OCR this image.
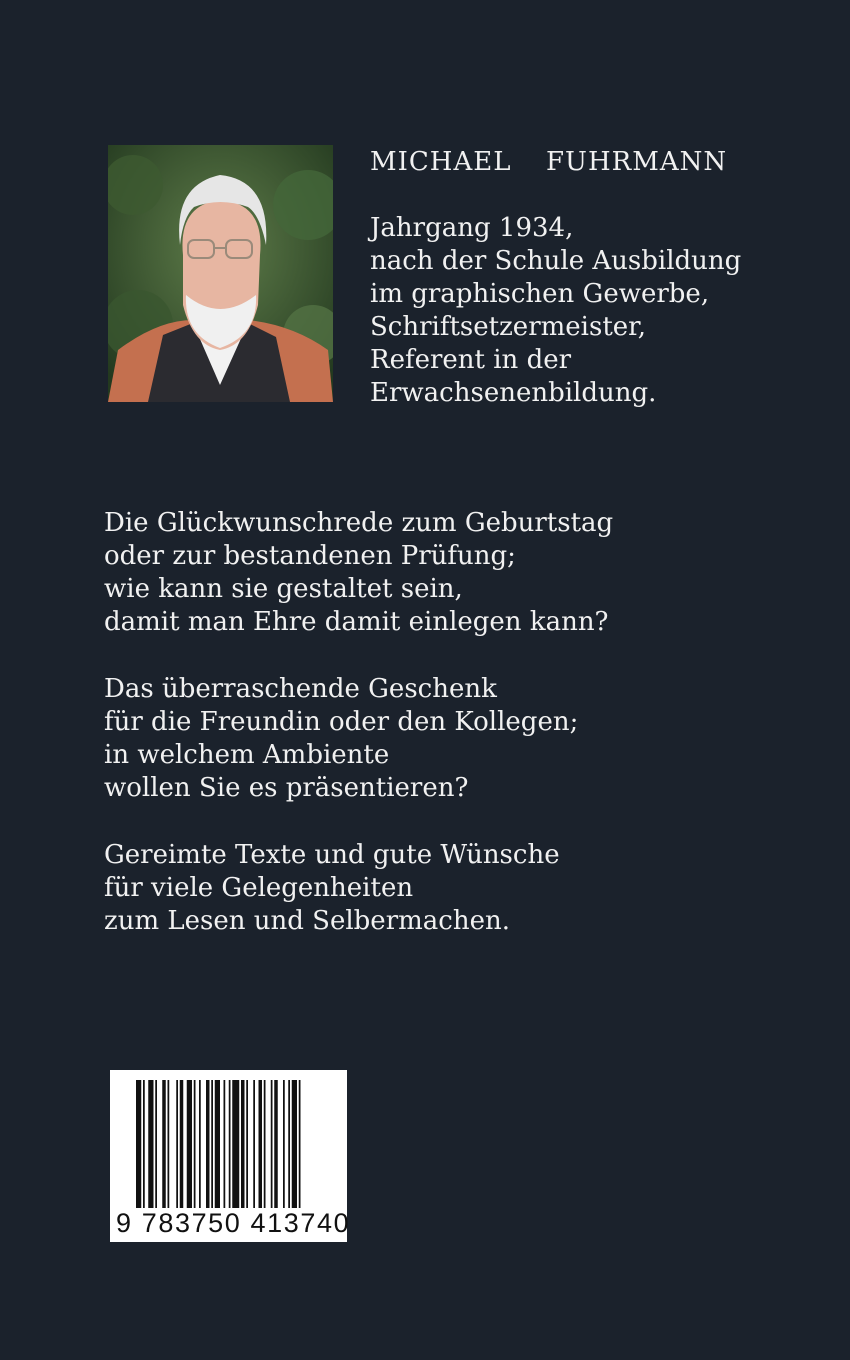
MICHAEL  FUHRMANN
Jahrgang 1934,
nach der Schule Ausbildung
im graphischen Gewerbe,
Schriftsetzermeister,
Referent in der
Erwachsenenbildung.
Die Glückwunschrede zum Geburtstag
oder zur bestandenen Prüfung;
wie kann sie gestaltet sein,
damit man Ehre damit einlegen kann?
Das überraschende Geschenk
für die Freundin oder den Kollegen;
in welchem Ambiente
wollen Sie es präsentieren?
Gereimte Texte und gute Wünsche
für viele Gelegenheiten
zum Lesen und Selbermachen.
9 783750 413740
